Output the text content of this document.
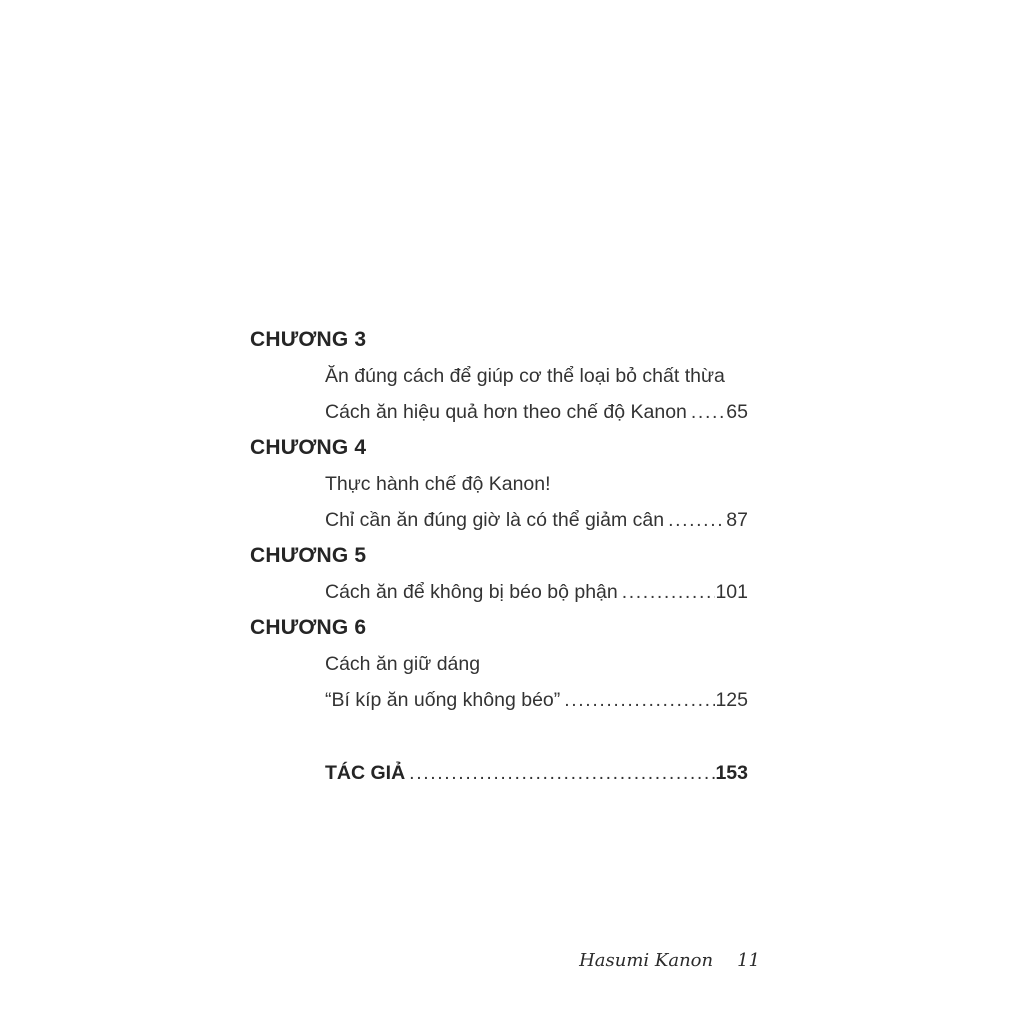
CHƯƠNG 3
Ăn đúng cách để giúp cơ thể loại bỏ chất thừa
Cách ăn hiệu quả hơn theo chế độ Kanon ..... 65
CHƯƠNG 4
Thực hành chế độ Kanon!
Chỉ cần ăn đúng giờ là có thể giảm cân .....	87
CHƯƠNG 5
Cách ăn để không bị béo bộ phận .....	101
CHƯƠNG 6
Cách ăn giữ dáng
“Bí kíp ăn uống không béo” .....	125
TÁC GIẢ .....	153
Hasumi Kanon 11
